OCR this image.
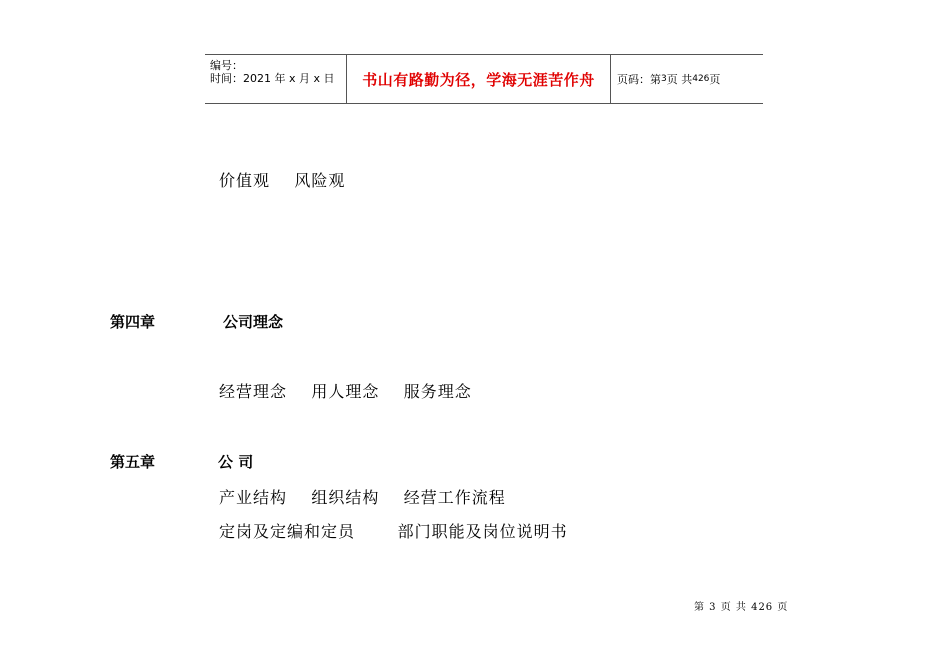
编号：
时间：2021 年 x 月 x 日 书山有路勤为径，学海无涯苦作舟 页码：第 3 页 共 426 页
价值观    风险观
第四章	公司理念
经营理念    用人理念    服务理念
第五章	公 司
产业结构    组织结构    经营工作流程
定岗及定编和定员       部门职能及岗位说明书
第 3 页 共 426 页
